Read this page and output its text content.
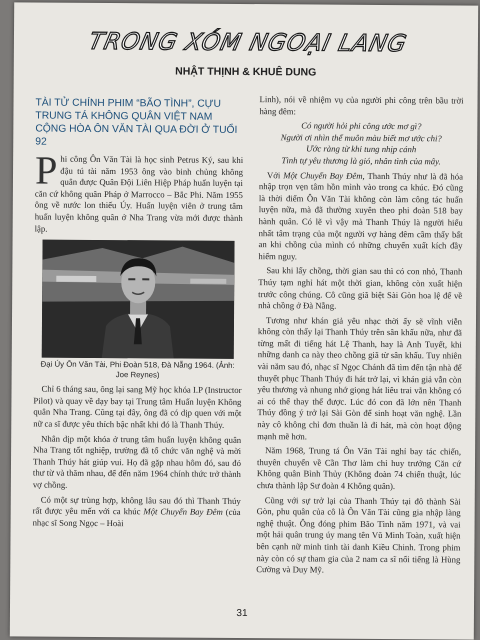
TRONG XÓM NGOẠI LANG
NHẬT THỊNH & KHUÊ DUNG
TÀI TỬ CHÍNH PHIM “BÃO TÌNH”, CỰU TRUNG TÁ KHÔNG QUÂN VIỆT NAM CỘNG HÒA ÔN VĂN TÀI QUA ĐỜI Ở TUỔI 92

Phi công Ôn Văn Tài là học sinh Petrus Ký, sau khi đậu tú tài năm 1953 ông vào binh chủng không quân được Quân Đội Liên Hiệp Pháp huấn luyện tại căn cứ không quân Pháp ở Marrocco – Bắc Phi. Năm 1955 ông về nước lon thiếu Úy. Huấn luyện viên ở trung tâm huấn luyện không quân ở Nha Trang vừa mới được thành lập.

Đại Úy Ôn Văn Tài, Phi Đoàn 518, Đà Nẵng 1964. (Ảnh: Joe Reynes)

Chỉ 6 tháng sau, ông lại sang Mỹ học khóa I.P (Instructor Pilot) và quay về dạy bay tại Trung tâm Huấn luyện Không quân Nha Trang. Cũng tại đây, ông đã có dịp quen với một nữ ca sĩ được yêu thích bậc nhất khi đó là Thanh Thúy.

Nhân dịp một khóa ở trung tâm huấn luyện không quân Nha Trang tốt nghiệp, trường đã tổ chức văn nghệ và mời Thanh Thúy hát giúp vui. Họ đã gặp nhau hôm đó, sau đó thư từ và thăm nhau, để đến năm 1964 chính thức trở thành vợ chồng.

Có một sự trùng hợp, không lâu sau đó thì Thanh Thúy rất được yêu mến với ca khúc Một Chuyến Bay Đêm (của nhạc sĩ Song Ngọc – Hoài

Linh), nói về nhiệm vụ của người phi công trên bầu trời hàng đêm:

Có người hỏi phi công ước mơ gì?

Người ơi nhìn thế muôn màu biết mơ ước chi?

Ước ràng từ khi tung nhịp cánh

Tình tự yêu thương là gió, nhân tình của mây.

Với Một Chuyến Bay Đêm, Thanh Thúy như là đã hóa nhập trọn vẹn tâm hồn mình vào trong ca khúc. Đó cũng là thời điểm Ôn Văn Tài không còn làm công tác huấn luyện nữa, mà đã thường xuyên theo phi đoàn 518 bay hành quân. Có lẽ vì vậy mà Thanh Thúy là người hiểu nhất tâm trạng của một người vợ hàng đêm cầm thấy bất an khi chồng của mình có những chuyến xuất kích đầy hiểm nguy.

Sau khi lấy chồng, thời gian sau thì có con nhỏ, Thanh Thúy tạm nghỉ hát một thời gian, không còn xuất hiện trước công chúng. Cô cũng giã biệt Sài Gòn hoa lệ để về nhà chồng ở Đà Nẵng.

Tương như khán giả yêu nhạc thời ấy sẽ vĩnh viễn không còn thấy lại Thanh Thúy trên sân khấu nữa, như đã từng mất đi tiếng hát Lệ Thanh, hay là Anh Tuyết, khi những danh ca này theo chồng giã từ sân khấu. Tuy nhiên vài năm sau đó, nhạc sĩ Ngọc Chánh đã tìm đến tận nhà để thuyết phục Thanh Thúy đi hát trở lại, vì khán giả vẫn còn yêu thương và nhung nhớ giọng hát liêu trai vắn không có ai có thể thay thế được. Lúc đó con đã lớn nên Thanh Thúy đồng ý trở lại Sài Gòn để sinh hoạt văn nghệ. Lần này cô không chỉ đơn thuần là đi hát, mà còn hoạt động mạnh mẽ hơn.

Năm 1968, Trung tá Ôn Văn Tài nghỉ bay tác chiến, thuyên chuyển về Cần Thơ làm chỉ huy trưởng Căn cứ Không quân Bình Thủy (Không đoàn 74 chiến thuật, lúc chưa thành lập Sư đoàn 4 Không quân).

Cũng với sự trở lại của Thanh Thúy tại đô thành Sài Gòn, phu quân của cô là Ôn Văn Tài cũng gia nhập làng nghệ thuật. Ông đóng phim Bão Tình năm 1971, và vai một hải quân trung úy mang tên Vũ Minh Toàn, xuất hiện bên cạnh nữ minh tinh tài danh Kiều Chinh. Trong phim này còn có sự tham gia của 2 nam ca sĩ nổi tiếng là Hùng Cường và Duy Mỹ.

31
